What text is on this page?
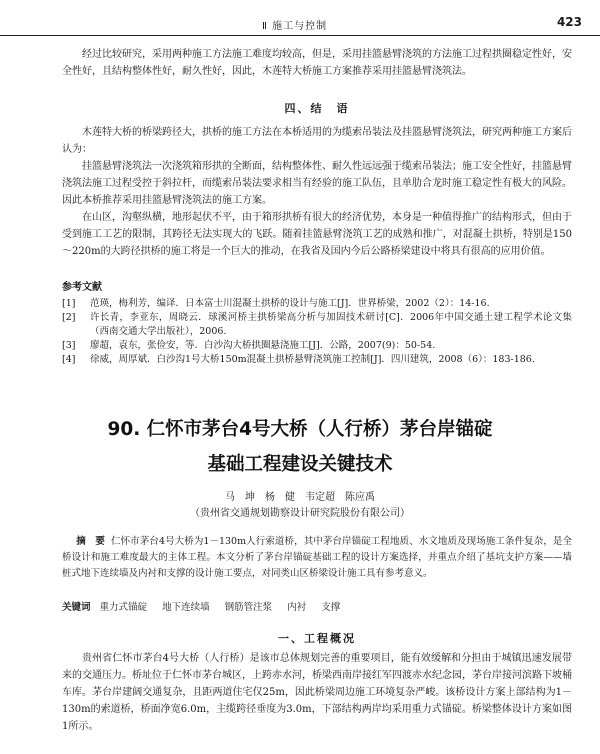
Ⅱ 施工与控制	423

经过比较研究，采用两种施工方法施工难度均较高，但是，采用挂篮悬臂浇筑的方法施工过程拱圈稳定性好，安全性好，且结构整体性好，耐久性好，因此，木莲特大桥施工方案推荐采用挂篮悬臂浇筑法。

四、结　语

木莲特大桥的桥梁跨径大，拱桥的施工方法在本桥适用的为缆索吊装法及挂篮悬臂浇筑法，研究两种施工方案后认为：

挂篮悬臂浇筑法一次浇筑箱形拱的全断面，结构整体性、耐久性远远强于缆索吊装法；施工安全性好，挂篮悬臂浇筑法施工过程受控于斜拉杆，而缆索吊装法要求相当有经验的施工队伍，且单肋合龙时施工稳定性有极大的风险。因此本桥推荐采用挂篮悬臂浇筑法的施工方案。

在山区，沟壑纵横，地形起伏不平，由于箱形拱桥有很大的经济优势，本身是一种值得推广的结构形式，但由于受到施工工艺的限制，其跨径无法实现大的飞跃。随着挂篮悬臂浇筑工艺的成熟和推广，对混凝土拱桥，特别是150～220m的大跨径拱桥的施工将是一个巨大的推动，在我省及国内今后公路桥梁建设中将具有很高的应用价值。

参考文献
[1] 范瑛，梅利芳，编译．日本富士川混凝土拱桥的设计与施工[J]．世界桥梁，2002（2）：14-16.
[2] 许长青，李亚东，周晓云．球溪河桥主拱桥梁高分析与加固技术研讨[C]．2006年中国交通土建工程学术论文集（西南交通大学出版社），2006.
[3] 廖超，袁东，张俭安，等．白沙沟大桥拱圈悬浇施工[J]．公路，2007(9)：50-54.
[4] 徐威，周厚斌．白沙沟1号大桥150m混凝土拱桥悬臂浇筑施工控制[J]．四川建筑，2008（6）：183-186.
90. 仁怀市茅台4号大桥（人行桥）茅台岸锚碇
基础工程建设关键技术
马　坤　杨　健　韦定超　陈应禹
（贵州省交通规划勘察设计研究院股份有限公司）

摘　要 仁怀市茅台4号大桥为1－130m人行索道桥，其中茅台岸锚碇工程地质、水文地质及现场施工条件复杂，是全桥设计和施工难度最大的主体工程。本文分析了茅台岸锚碇基础工程的设计方案选择，并重点介绍了基坑支护方案——墙桩式地下连续墙及内衬和支撑的设计施工要点，对同类山区桥梁设计施工具有参考意义。

关键词 重力式锚碇 地下连续墙 钢筋管注浆 内衬 支撑
一、工程概况

贵州省仁怀市茅台4号大桥（人行桥）是该市总体规划完善的重要项目，能有效缓解和分担由于城镇迅速发展带来的交通压力。桥址位于仁怀市茅台城区，上跨赤水河，桥梁西南岸接红军四渡赤水纪念园，茅台岸接河滨路下坡桶车库。茅台岸建阔交通复杂，且距两道住宅仅25m，因此桥梁周边施工环境复杂严峻。该桥设计方案上部结构为1－130m的索道桥，桥面净宽6.0m，主缆跨径垂度为3.0m，下部结构两岸均采用重力式锚碇。桥梁整体设计方案如图1所示。
